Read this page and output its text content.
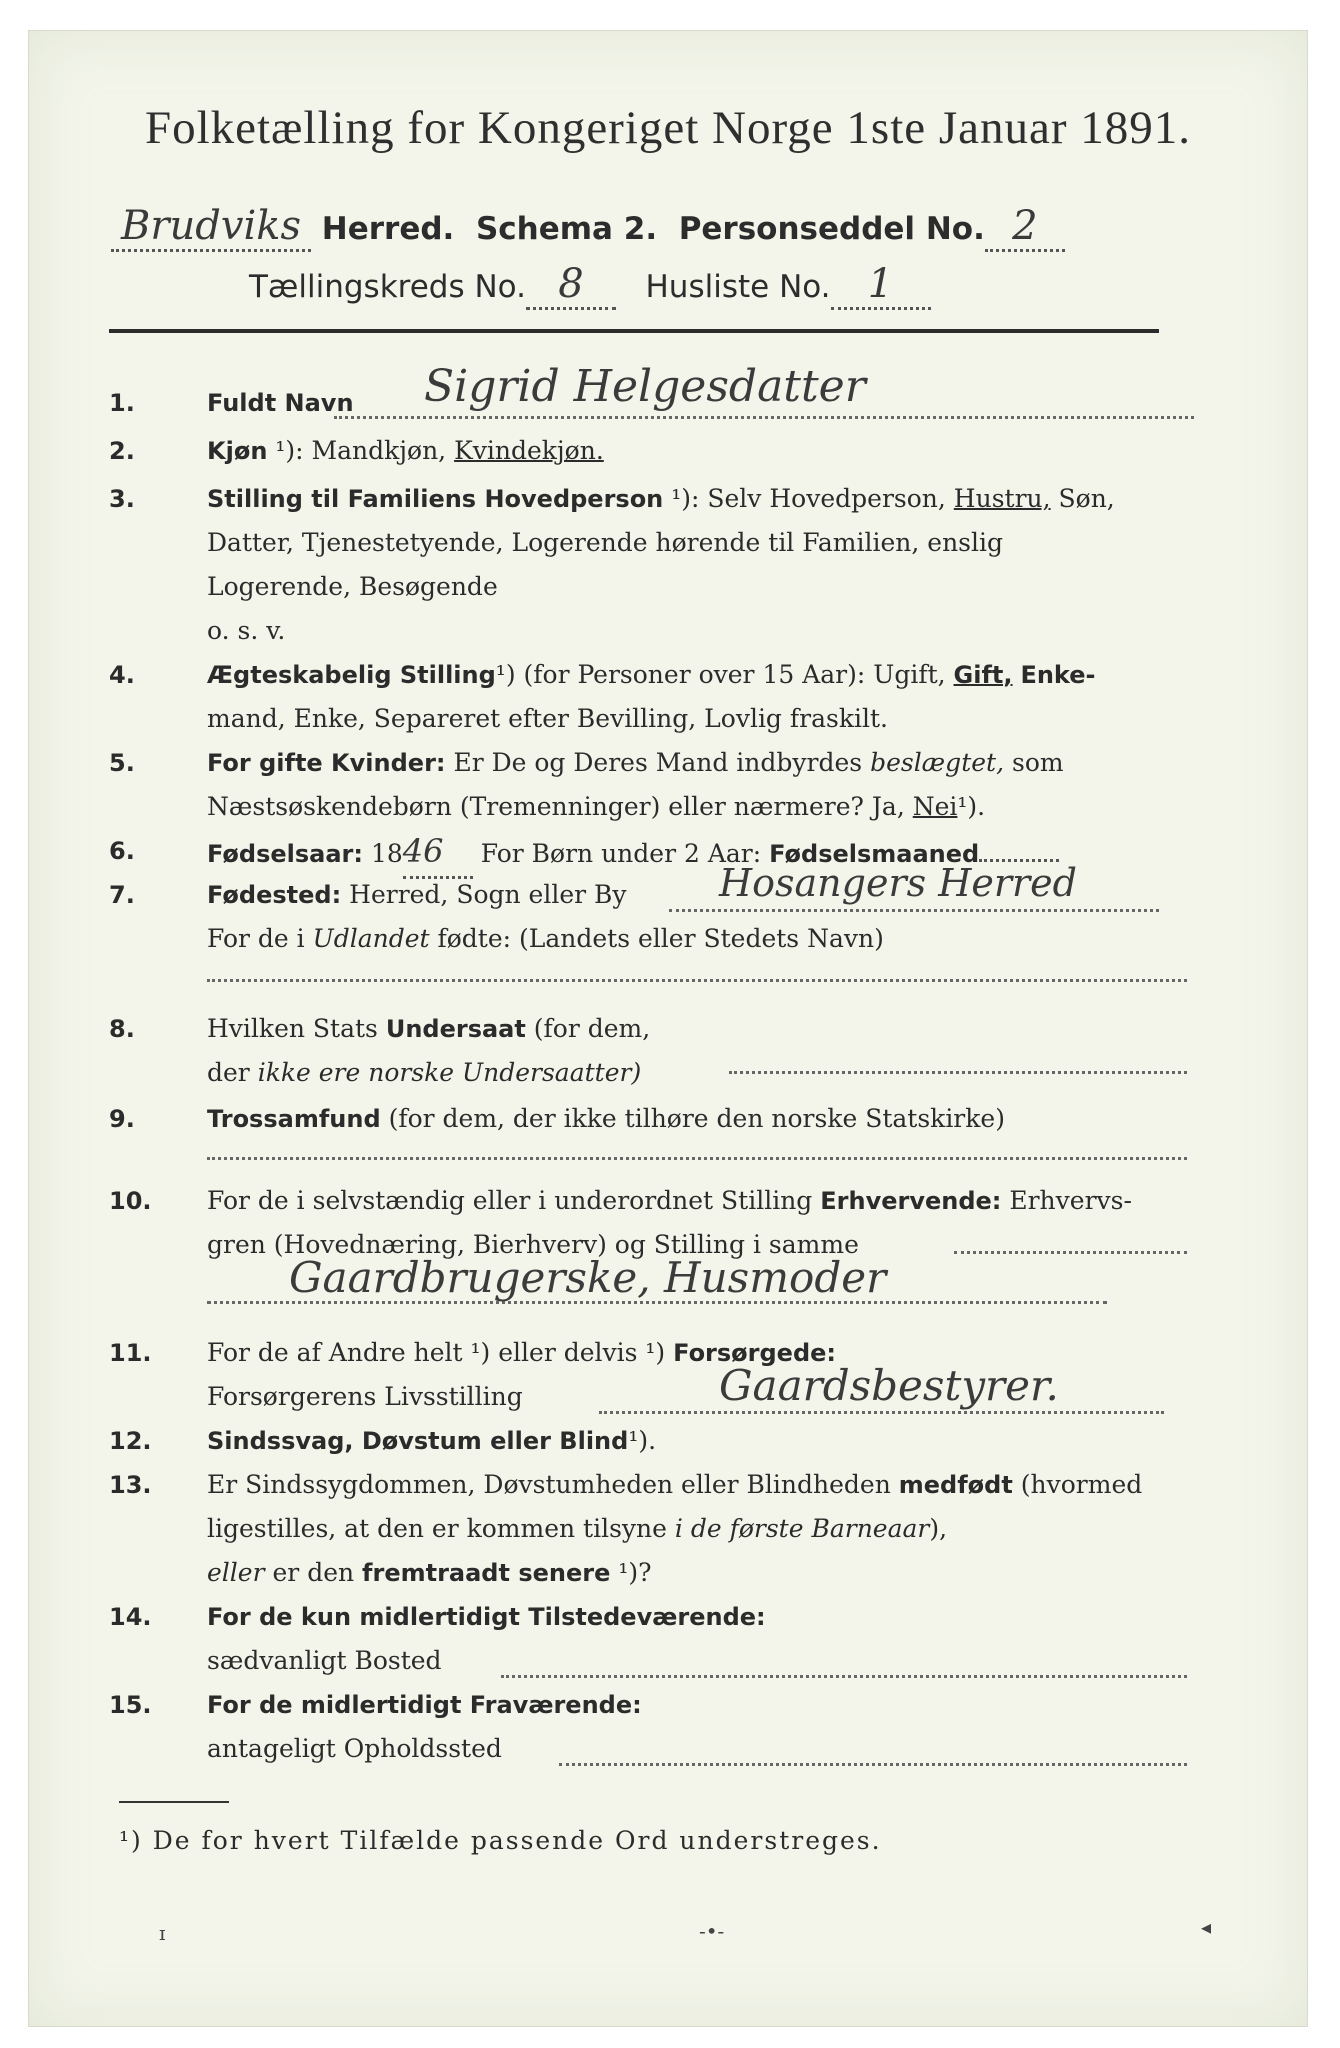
Folketælling for Kongeriget Norge 1ste Januar 1891.
Brudviks Herred. Schema 2. Personseddel No. 2
Tællingskreds No. 8 Husliste No. 1
1.	Fuldt Navn	Sigrid Helgesdatter
2.	Kjøn ¹): Mandkjøn, Kvindekjøn.
3.	Stilling til Familiens Hovedperson ¹): Selv Hovedperson, Hustru, Søn,
Datter, Tjenestetyende, Logerende hørende til Familien, enslig
Logerende, Besøgende
o. s. v.
4.	Ægteskabelig Stilling¹) (for Personer over 15 Aar): Ugift, Gift, Enke-
mand, Enke, Separeret efter Bevilling, Lovlig fraskilt.
5.	For gifte Kvinder: Er De og Deres Mand indbyrdes beslægtet, som
Næstsøskendebørn (Tremenninger) eller nærmere? Ja, Nei¹).
6.	Fødselsaar: 1846 For Børn under 2 Aar: Fødselsmaaned
7.	Fødested: Herred, Sogn eller By	Hosangers Herred
For de i Udlandet fødte: (Landets eller Stedets Navn)
8.	Hvilken Stats Undersaat (for dem,
der ikke ere norske Undersaatter)
9.	Trossamfund (for dem, der ikke tilhøre den norske Statskirke)
10.	For de i selvstændig eller i underordnet Stilling Erhvervende: Erhvervs-
gren (Hovednæring, Bierhverv) og Stilling i samme
Gaardbrugerske, Husmoder
11.	For de af Andre helt ¹) eller delvis ¹) Forsørgede:
Forsørgerens Livsstilling	Gaardsbestyrer.
12.	Sindssvag, Døvstum eller Blind¹).
13.	Er Sindssygdommen, Døvstumheden eller Blindheden medfødt (hvormed
ligestilles, at den er kommen tilsyne i de første Barneaar),
eller er den fremtraadt senere ¹)?
14.	For de kun midlertidigt Tilstedeværende:
sædvanligt Bosted
15.	For de midlertidigt Fraværende:
antageligt Opholdssted
¹) De for hvert Tilfælde passende Ord understreges.
ɪ	-•-	◂
